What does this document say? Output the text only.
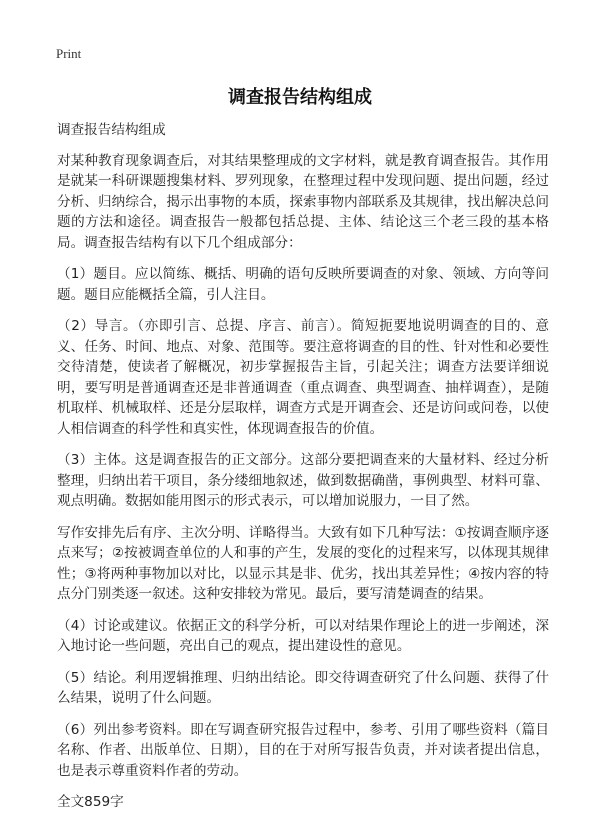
Print
调查报告结构组成

调查报告结构组成

对某种教育现象调查后，对其结果整理成的文字材料，就是教育调查报告。其作用是就某一科研课题搜集材料、罗列现象，在整理过程中发现问题、提出问题，经过分析、归纳综合，揭示出事物的本质，探索事物内部联系及其规律，找出解决总问题的方法和途径。调查报告一般都包括总提、主体、结论这三个老三段的基本格局。调查报告结构有以下几个组成部分：

（1）题目。应以简练、概括、明确的语句反映所要调查的对象、领域、方向等问题。题目应能概括全篇，引人注目。

（2）导言。（亦即引言、总提、序言、前言）。简短扼要地说明调查的目的、意义、任务、时间、地点、对象、范围等。要注意将调查的目的性、针对性和必要性交待清楚，使读者了解概况，初步掌握报告主旨，引起关注；调查方法要详细说明，要写明是普通调查还是非普通调查（重点调查、典型调查、抽样调查），是随机取样、机械取样、还是分层取样，调查方式是开调查会、还是访问或问卷，以使人相信调查的科学性和真实性，体现调查报告的价值。

（3）主体。这是调查报告的正文部分。这部分要把调查来的大量材料、经过分析整理，归纳出若干项目，条分缕细地叙述，做到数据确凿，事例典型、材料可靠、观点明确。数据如能用图示的形式表示，可以增加说服力，一目了然。

写作安排先后有序、主次分明、详略得当。大致有如下几种写法：①按调查顺序逐点来写；②按被调查单位的人和事的产生，发展的变化的过程来写，以体现其规律性；③将两种事物加以对比，以显示其是非、优劣，找出其差异性；④按内容的特点分门别类逐一叙述。这种安排较为常见。最后，要写清楚调查的结果。

（4）讨论或建议。依据正文的科学分析，可以对结果作理论上的进一步阐述，深入地讨论一些问题，亮出自己的观点，提出建设性的意见。

（5）结论。利用逻辑推理、归纳出结论。即交待调查研究了什么问题、获得了什么结果，说明了什么问题。

（6）列出参考资料。即在写调查研究报告过程中，参考、引用了哪些资料（篇目名称、作者、出版单位、日期），目的在于对所写报告负责，并对读者提出信息，也是表示尊重资料作者的劳动。

全文859字
